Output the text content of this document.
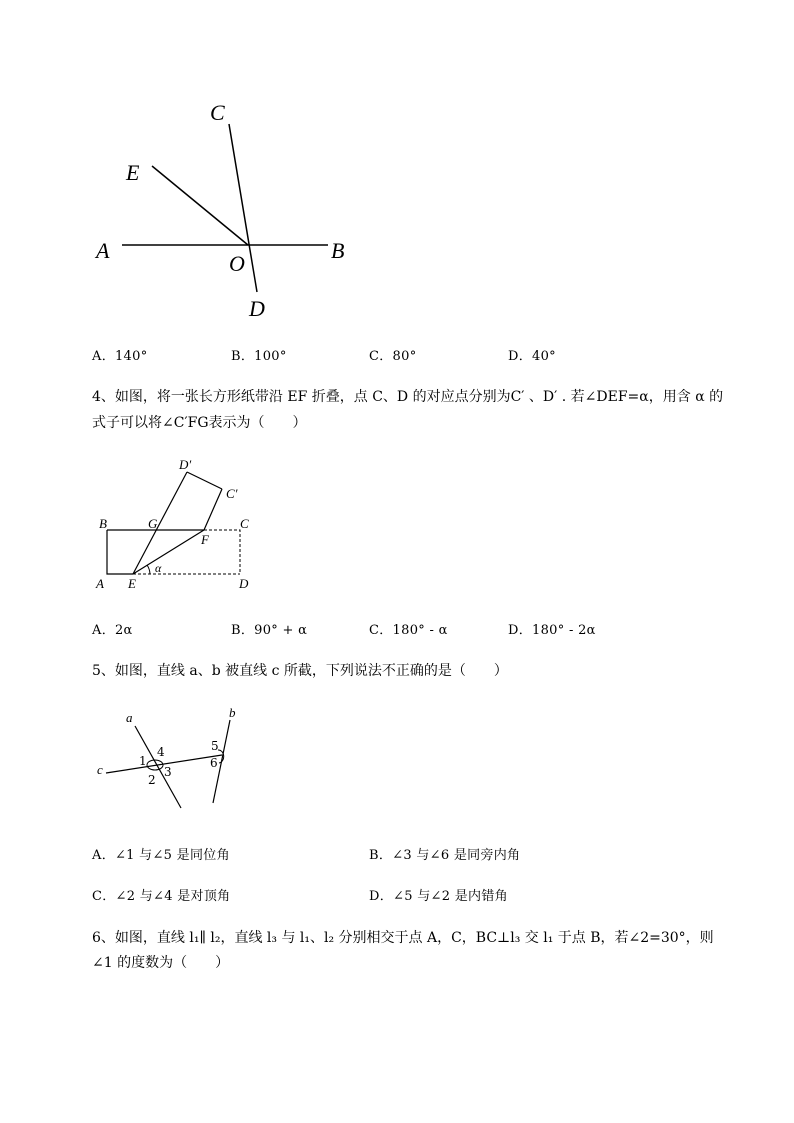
C
E
A
O
B
D
A．140°	B．100°	C．80°	D．40°
4、如图，将一张长方形纸带沿 EF 折叠，点 C、D 的对应点分别为C′ 、D′ . 若∠DEF=α，用含 α 的
式子可以将∠C′FG表示为（　　）
D′
C′
B	G	C
F
A E	D
α
A．2α	B．90° + α	C．180° - α	D．180° - 2α
5、如图，直线 a、b 被直线 c 所截，下列说法不正确的是（　　）
a	b
c
1
2
3
4	5
6
A．∠1 与∠5 是同位角	B．∠3 与∠6 是同旁内角
C．∠2 与∠4 是对顶角	D．∠5 与∠2 是内错角
6、如图，直线 l₁∥ l₂，直线 l₃ 与 l₁、l₂ 分别相交于点 A，C，BC⊥l₃ 交 l₁ 于点 B，若∠2=30°，则
∠1 的度数为（　　）
